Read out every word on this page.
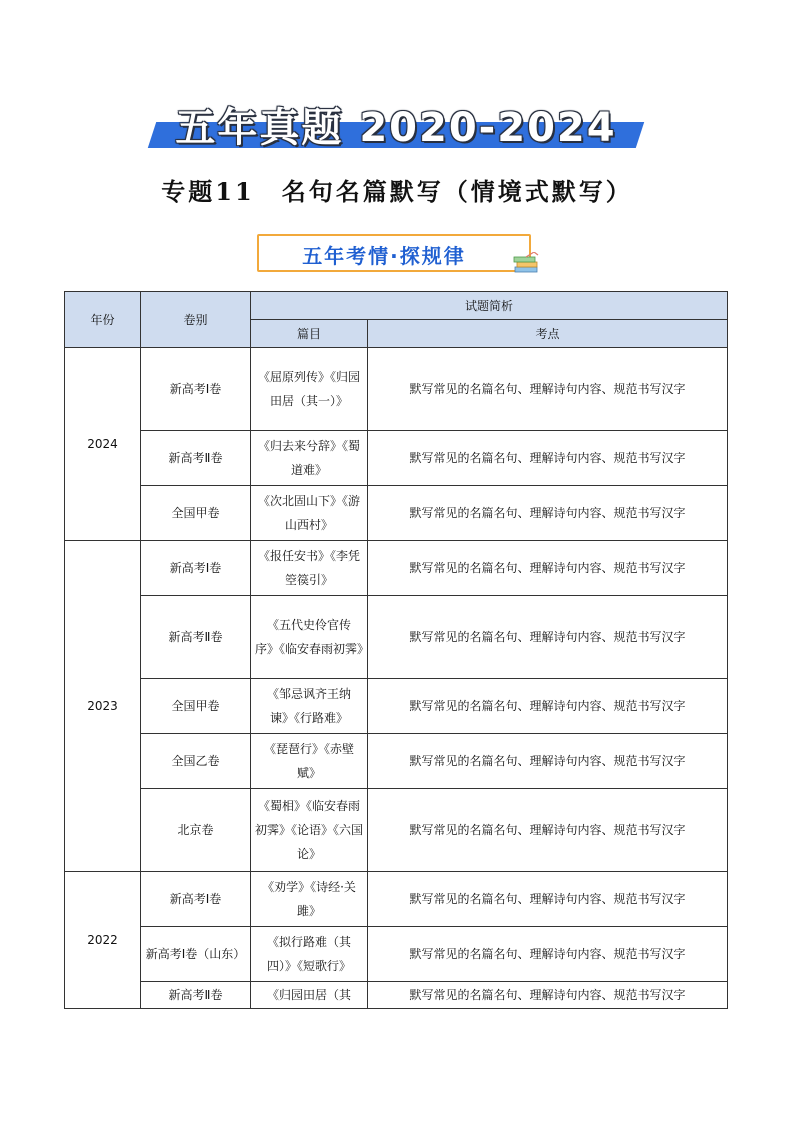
五年真题 2020-2024
专题11　名句名篇默写（情境式默写）
五年考情·探规律
年份	卷别	试题简析	
		篇目	考点
2024	新高考Ⅰ卷	《屈原列传》《归园田居（其一）》	默写常见的名篇名句、理解诗句内容、规范书写汉字
	新高考Ⅱ卷	《归去来兮辞》《蜀道难》	默写常见的名篇名句、理解诗句内容、规范书写汉字
	全国甲卷	《次北固山下》《游山西村》	默写常见的名篇名句、理解诗句内容、规范书写汉字
2023	新高考Ⅰ卷	《报任安书》《李凭箜篌引》	默写常见的名篇名句、理解诗句内容、规范书写汉字
	新高考Ⅱ卷	《五代史伶官传序》《临安春雨初霁》	默写常见的名篇名句、理解诗句内容、规范书写汉字
	全国甲卷	《邹忌讽齐王纳谏》《行路难》	默写常见的名篇名句、理解诗句内容、规范书写汉字
	全国乙卷	《琵琶行》《赤壁赋》	默写常见的名篇名句、理解诗句内容、规范书写汉字
	北京卷	《蜀相》《临安春雨初霁》《论语》《六国论》	默写常见的名篇名句、理解诗句内容、规范书写汉字
2022	新高考Ⅰ卷	《劝学》《诗经·关雎》	默写常见的名篇名句、理解诗句内容、规范书写汉字
	新高考Ⅰ卷（山东）	《拟行路难（其四）》《短歌行》	默写常见的名篇名句、理解诗句内容、规范书写汉字
	新高考Ⅱ卷	《归园田居（其	默写常见的名篇名句、理解诗句内容、规范书写汉字
